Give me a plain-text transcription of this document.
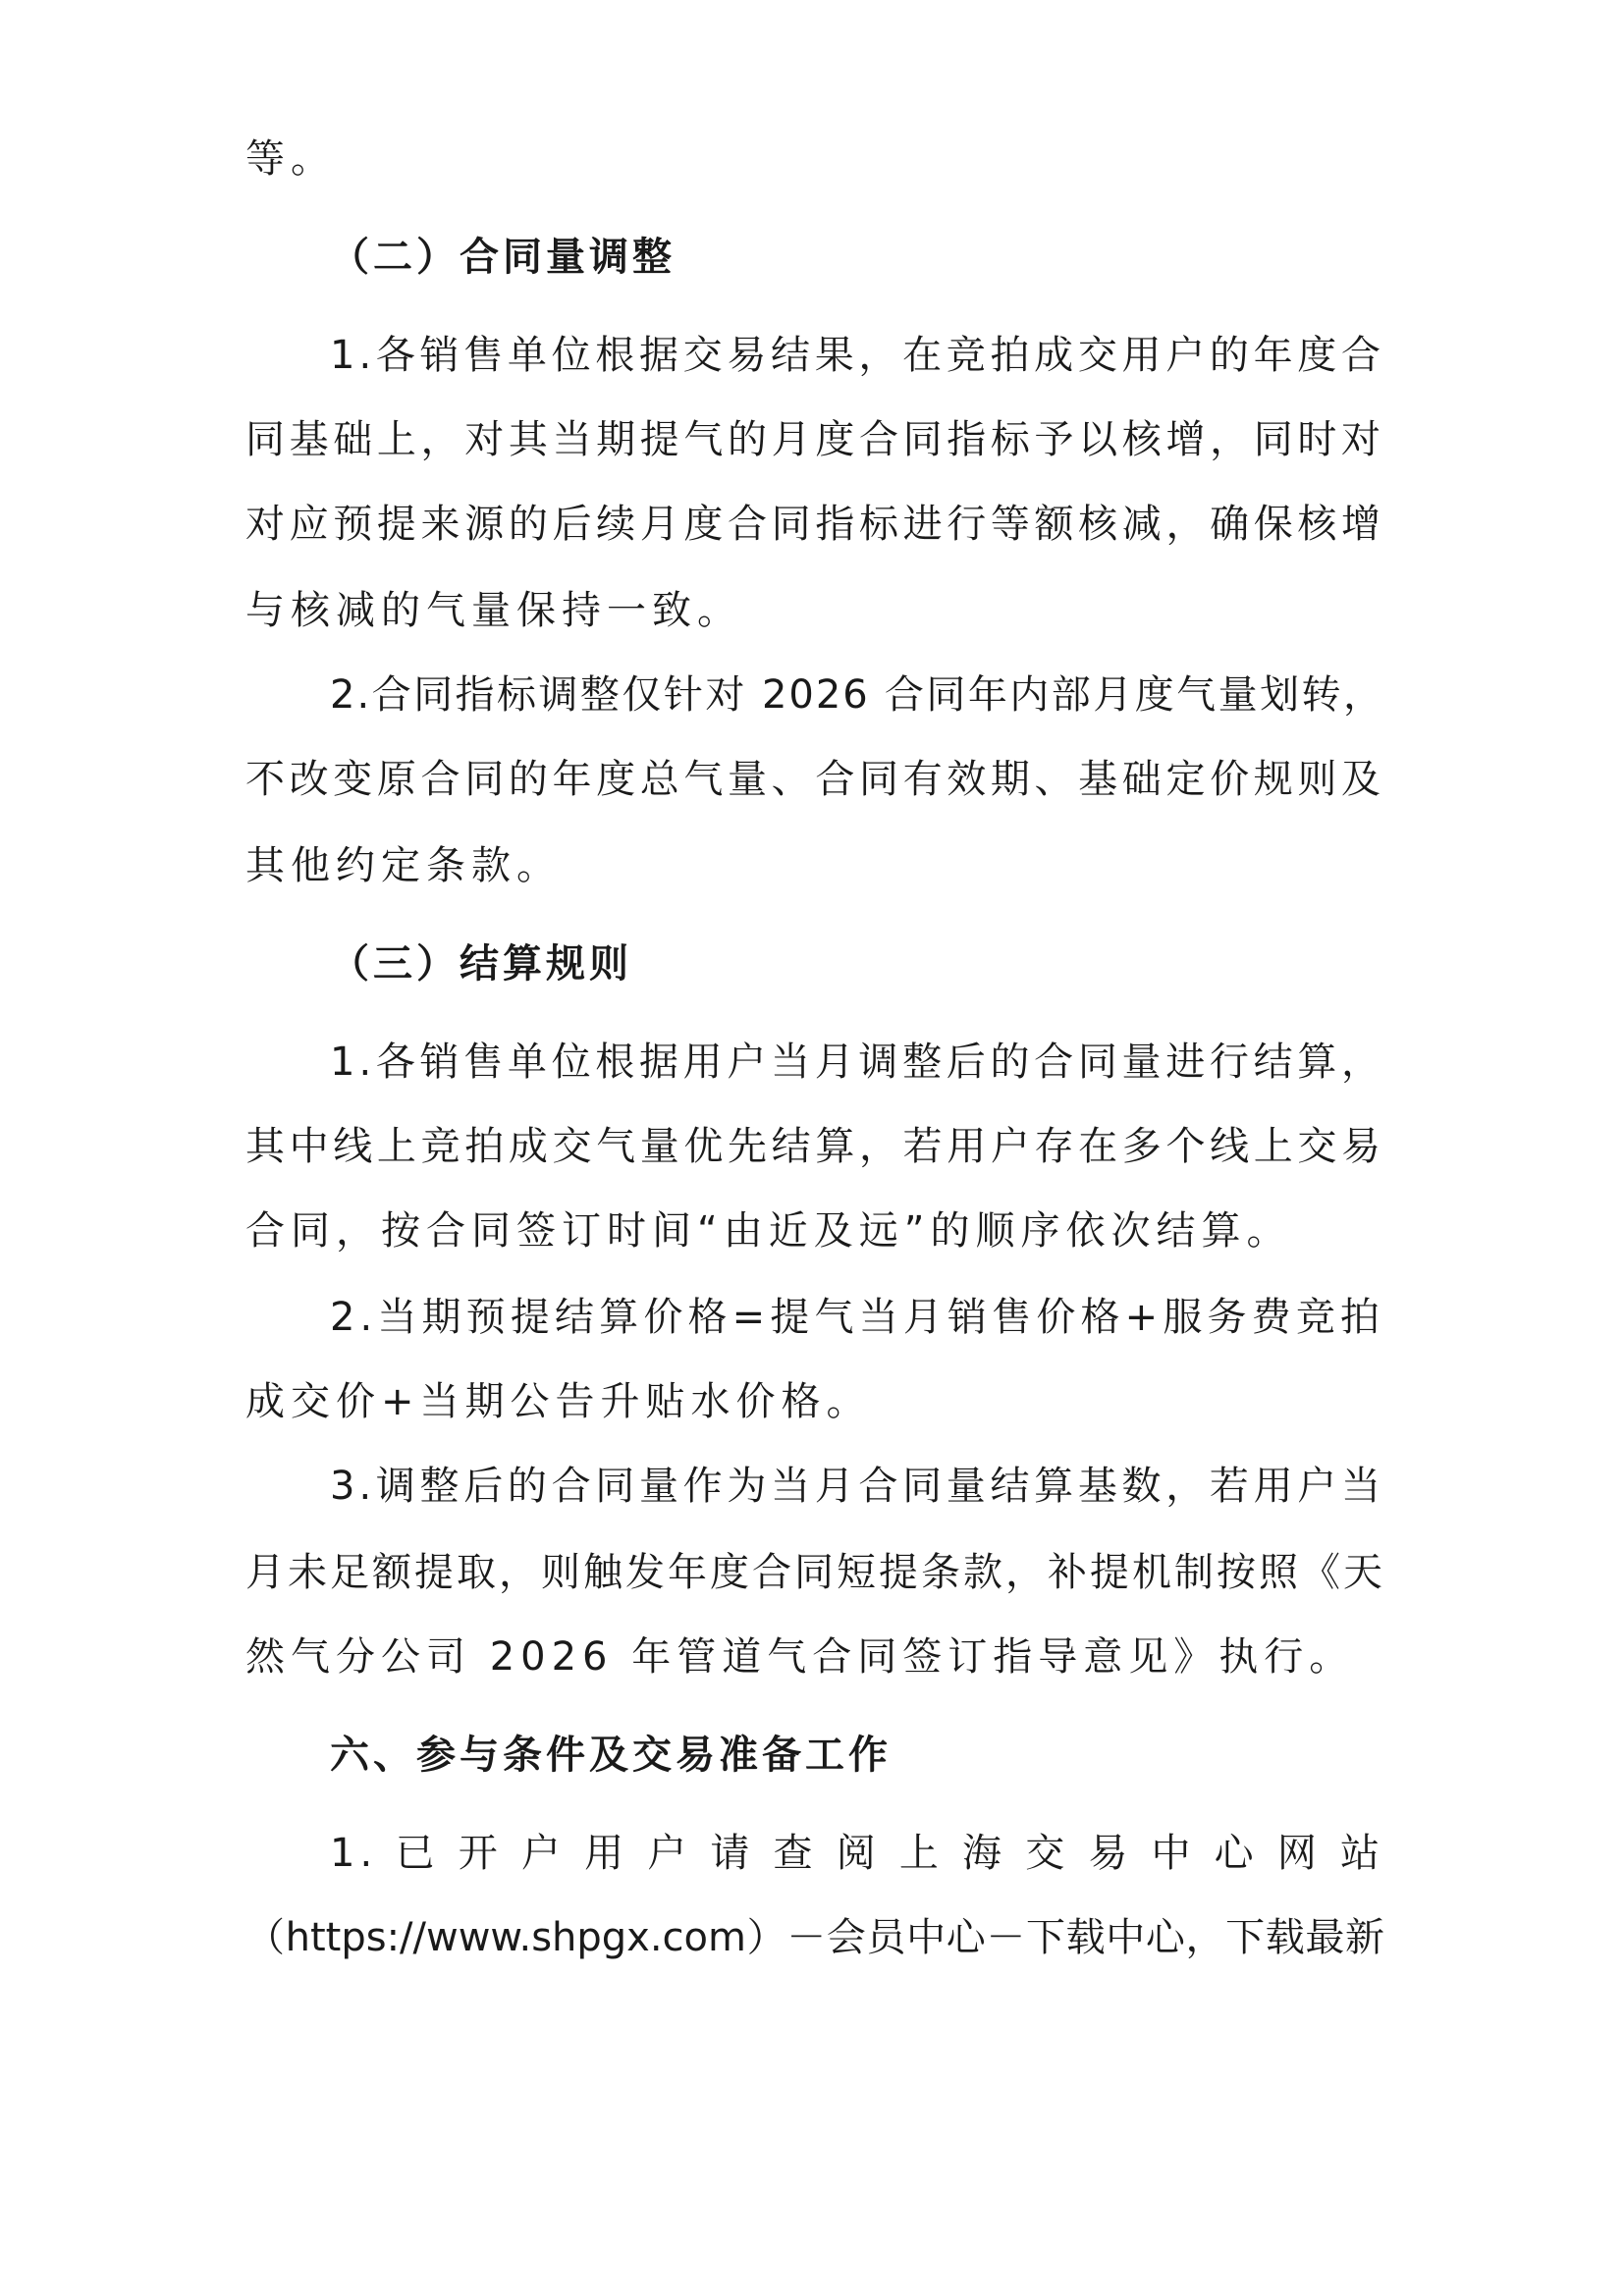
等。
（二）合同量调整
1.各销售单位根据交易结果，在竞拍成交用户的年度合
同基础上，对其当期提气的月度合同指标予以核增，同时对
对应预提来源的后续月度合同指标进行等额核减，确保核增
与核减的气量保持一致。
2.合同指标调整仅针对 2026 合同年内部月度气量划转，
不改变原合同的年度总气量、合同有效期、基础定价规则及
其他约定条款。
（三）结算规则
1.各销售单位根据用户当月调整后的合同量进行结算，
其中线上竞拍成交气量优先结算，若用户存在多个线上交易
合同，按合同签订时间“由近及远”的顺序依次结算。
2.当期预提结算价格=提气当月销售价格+服务费竞拍
成交价+当期公告升贴水价格。
3.调整后的合同量作为当月合同量结算基数，若用户当
月未足额提取，则触发年度合同短提条款，补提机制按照《天
然气分公司 2026 年管道气合同签订指导意见》执行。
六、参与条件及交易准备工作
1. 已 开 户 用 户 请 查 阅 上 海 交 易 中 心 网 站
（https://www.shpgx.com）－会员中心－下载中心，下载最新
